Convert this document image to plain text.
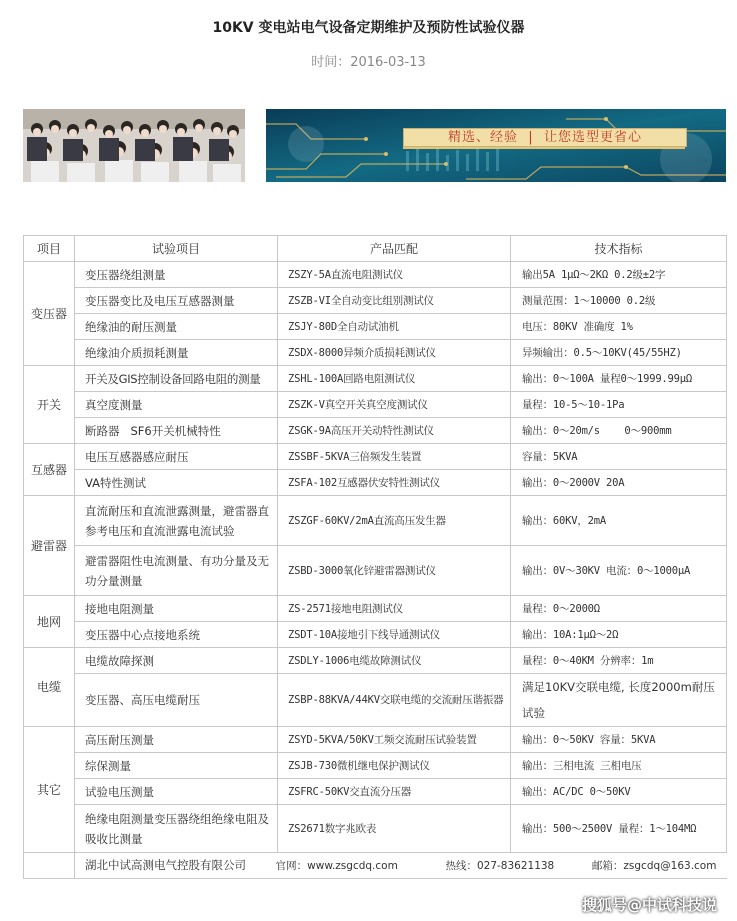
10KV 变电站电气设备定期维护及预防性试验仪器
时间：2016-03-13
精选、经验  |  让您选型更省心
项目	试验项目	产品匹配	技术指标
变压器	变压器绕组测量	ZSZY-5A直流电阻测试仪	输出5A 1μΩ～2KΩ 0.2级±2字
	变压器变比及电压互感器测量	ZSZB-VI全自动变比组别测试仪	测量范围：1～10000 0.2级
	绝缘油的耐压测量	ZSJY-80D全自动试油机	电压：80KV 准确度 1%
	绝缘油介质损耗测量	ZSDX-8000异频介质损耗测试仪	异频输出：0.5～10KV(45/55HZ)
开关	开关及GIS控制设备回路电阻的测量	ZSHL-100A回路电阻测试仪	输出：0～100A 量程0～1999.99μΩ
	真空度测量	ZSZK-V真空开关真空度测试仪	量程：10-5～10-1Pa
	断路器   SF6开关机械特性	ZSGK-9A高压开关动特性测试仪	输出：0～20m/s    0～900mm
互感器	电压互感器感应耐压	ZSSBF-5KVA三倍频发生装置	容量：5KVA
	VA特性测试	ZSFA-102互感器伏安特性测试仪	输出：0～2000V 20A
避雷器	直流耐压和直流泄露测量，避雷器直参考电压和直流泄露电流试验	ZSZGF-60KV/2mA直流高压发生器	输出：60KV，2mA
	避雷器阻性电流测量、有功分量及无功分量测量	ZSBD-3000氧化锌避雷器测试仪	输出：0V～30KV 电流：0～1000μA
地网	接地电阻测量	ZS-2571接地电阻测试仪	量程：0～2000Ω
	变压器中心点接地系统	ZSDT-10A接地引下线导通测试仪	输出：10A:1μΩ～2Ω
电缆	电缆故障探测	ZSDLY-1006电缆故障测试仪	量程：0～40KM 分辨率：1m
	变压器、高压电缆耐压	ZSBP-88KVA/44KV交联电缆的交流耐压谐振器	满足10KV交联电缆, 长度2000m耐压试验
其它	高压耐压测量	ZSYD-5KVA/50KV工频交流耐压试验装置	输出：0～50KV 容量：5KVA
	综保测量	ZSJB-730微机继电保护测试仪	输出：三相电流 三相电压
	试验电压测量	ZSFRC-50KV交直流分压器	输出：AC/DC 0～50KV
	绝缘电阻测量变压器绕组绝缘电阻及吸收比测量	ZS2671数字兆欧表	输出：500～2500V 量程：1～104MΩ
	湖北中试高测电气控股有限公司 官网：www.zsgcdq.com 热线：027-83621138 邮箱：zsgcdq@163.com		
搜狐号@中试科技说
